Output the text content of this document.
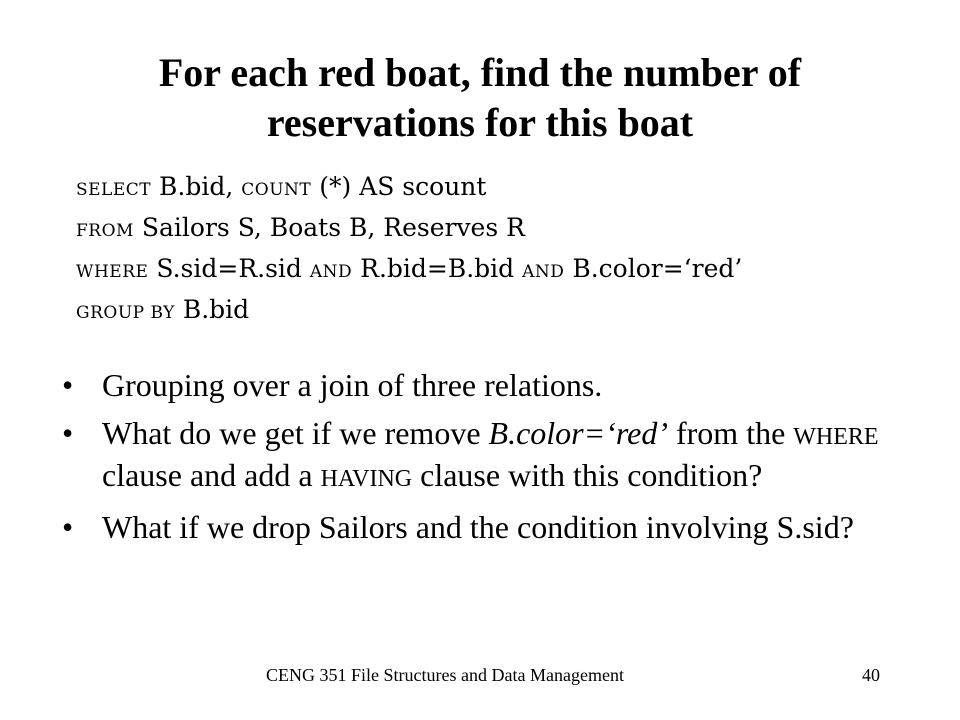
For each red boat, find the number of
reservations for this boat
SELECT B.bid, COUNT (*) AS scount
FROM Sailors S, Boats B, Reserves R
WHERE S.sid=R.sid AND R.bid=B.bid AND B.color=‘red’
GROUP BY B.bid
• Grouping over a join of three relations.
• What do we get if we remove B.color=‘red’ from the WHERE clause and add a HAVING clause with this condition?
• What if we drop Sailors and the condition involving S.sid?
CENG 351 File Structures and Data Management	40
